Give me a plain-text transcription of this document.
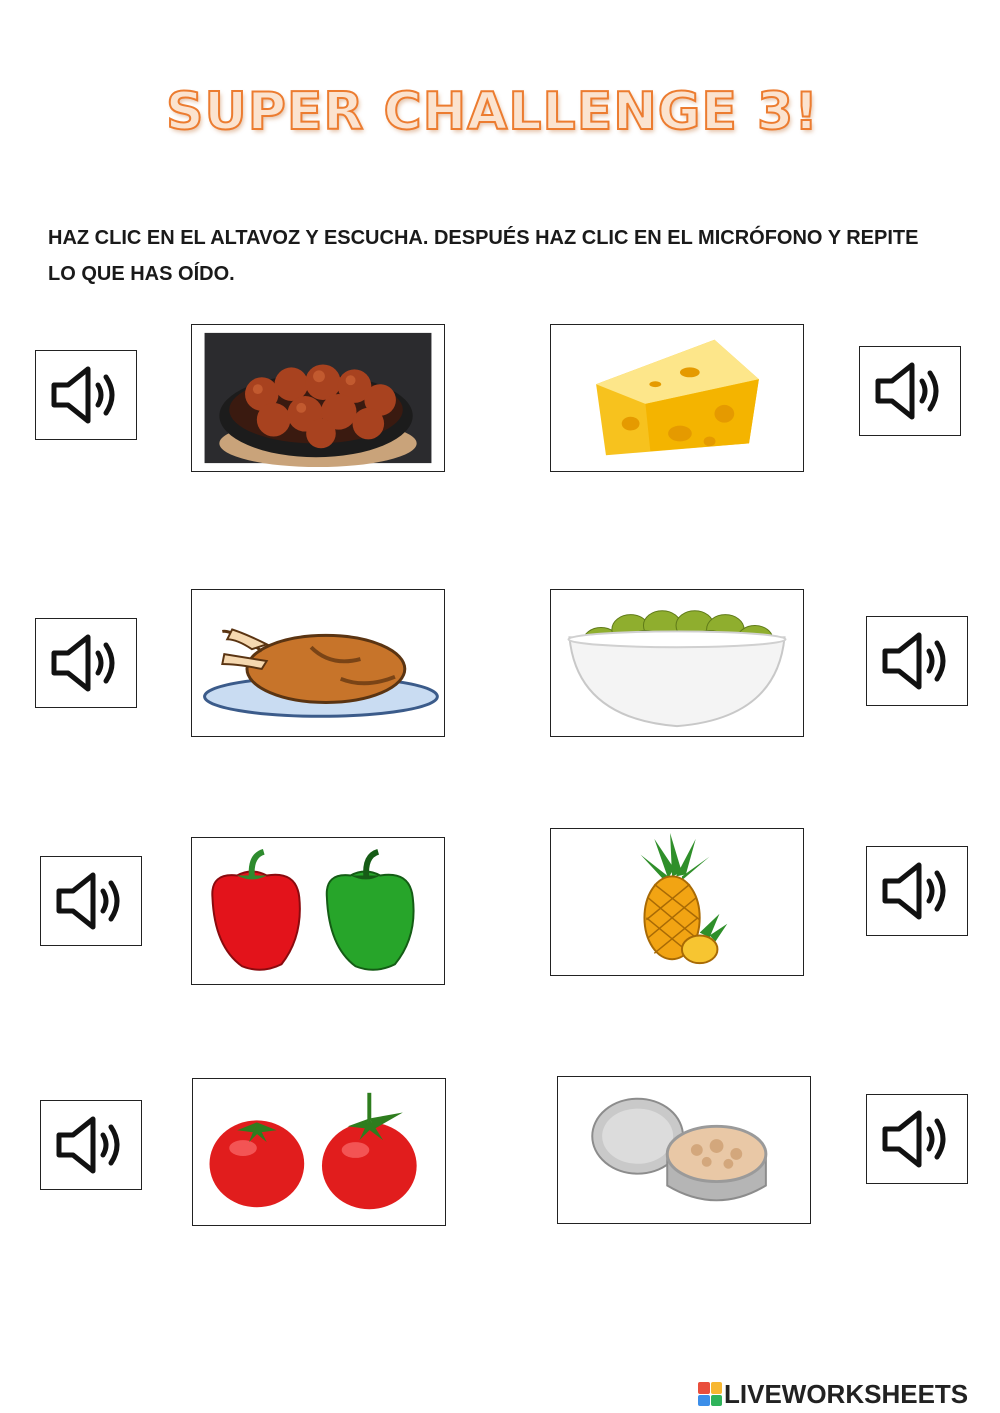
SUPER CHALLENGE 3!
HAZ CLIC EN EL ALTAVOZ Y ESCUCHA. DESPUÉS HAZ CLIC EN EL MICRÓFONO Y REPITE
LO QUE HAS OÍDO.
LIVEWORKSHEETS
